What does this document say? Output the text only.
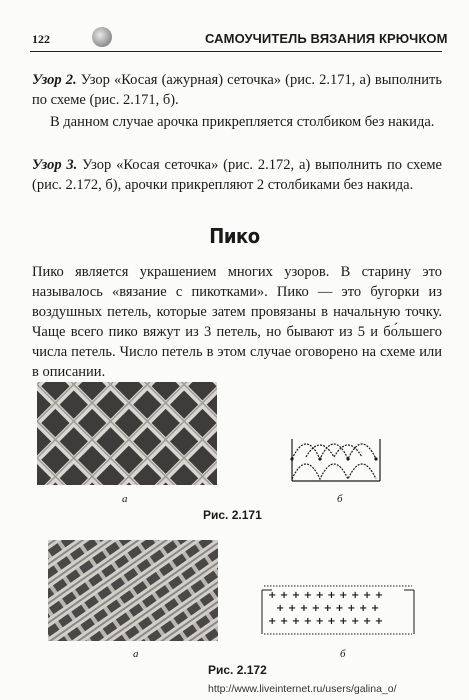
122	САМОУЧИТЕЛЬ ВЯЗАНИЯ КРЮЧКОМ

Узор 2. Узор «Косая (ажурная) сеточка» (рис. 2.171, а) выполнить по схеме (рис. 2.171, б).

В данном случае арочка прикрепляется столбиком без накида.

Узор 3. Узор «Косая сеточка» (рис. 2.172, а) выполнить по схеме (рис. 2.172, б), арочки прикрепляют 2 столбиками без накида.

Пико

Пико является украшением многих узоров. В старину это называлось «вязание с пикотками». Пико — это бугорки из воздушных петель, которые затем провязаны в начальную точку. Чаще всего пико вяжут из 3 петель, но бывают из 5 и бо́льшего числа петель. Число петель в этом случае оговорено на схеме или в описании.

а	б
Рис. 2.171
а
+ + + + + + + + + +
+ + + + + + + + +
+ + + + + + + + + +
б
Рис. 2.172
http://www.liveinternet.ru/users/galina_o/
